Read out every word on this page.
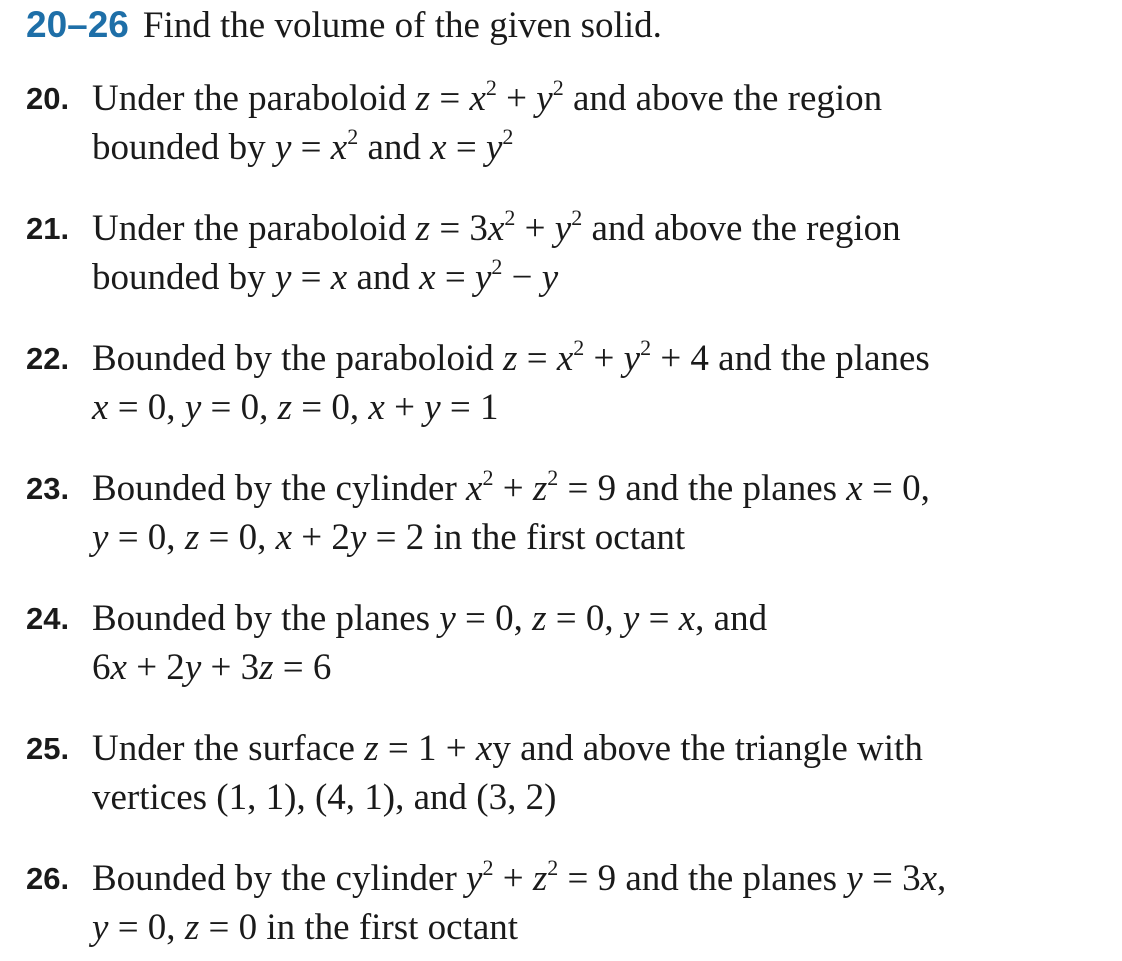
20–26 Find the volume of the given solid.
20. Under the paraboloid $z = x^2 + y^2$ and above the region
bounded by $y = x^2$ and $x = y^2$
21. Under the paraboloid $z = 3x^2 + y^2$ and above the region
bounded by y = x and $x = y^2 - y$
22. Bounded by the paraboloid $z = x^2 + y^2 + 4$ and the planes
x = 0, y = 0, z = 0, x + y = 1
23. Bounded by the cylinder $x^2 + z^2 = 9$ and the planes x = 0,
y = 0, z = 0, x + 2y = 2 in the first octant
24. Bounded by the planes y = 0, z = 0, y = x, and
6x + 2y + 3z = 6
25. Under the surface z = 1 + xy and above the triangle with
vertices (1, 1), (4, 1), and (3, 2)
26. Bounded by the cylinder $y^2 + z^2 = 9$ and the planes y = 3x,
y = 0, z = 0 in the first octant
